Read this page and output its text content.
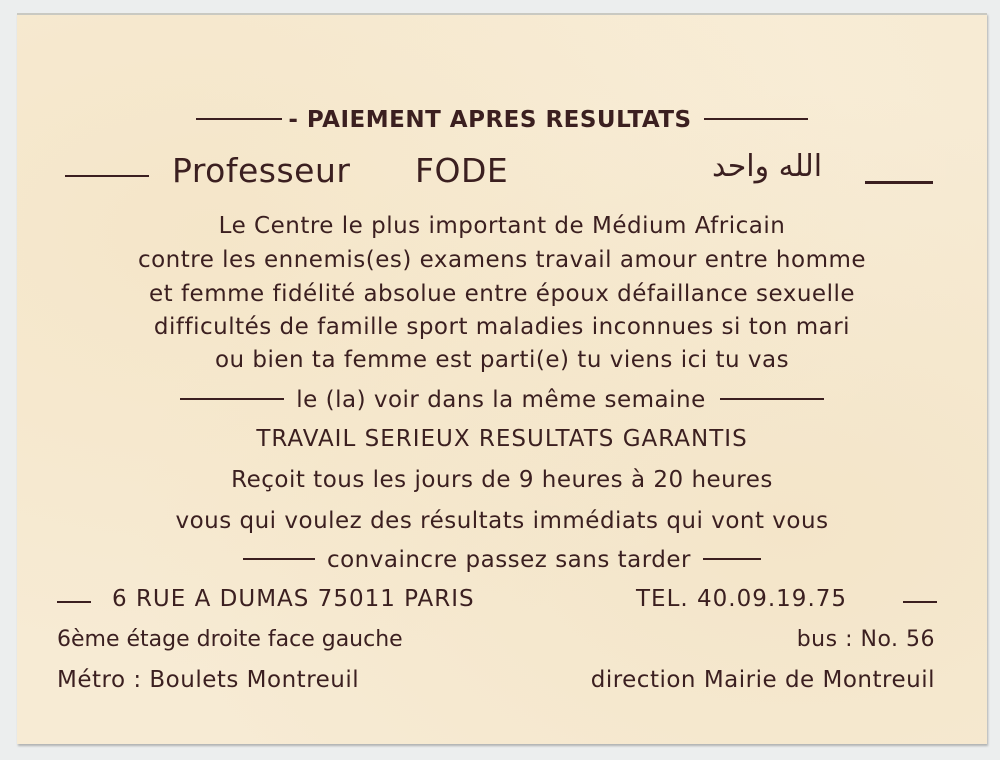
- PAIEMENT APRES RESULTATS
Professeur FODE	الله واحد
Le Centre le plus important de Médium Africain
contre les ennemis(es) examens travail amour entre homme
et femme fidélité absolue entre époux défaillance sexuelle
difficultés de famille sport maladies inconnues si ton mari
ou bien ta femme est parti(e) tu viens ici tu vas
le (la) voir dans la même semaine
TRAVAIL SERIEUX RESULTATS GARANTIS
Reçoit tous les jours de 9 heures à 20 heures
vous qui voulez des résultats immédiats qui vont vous
convaincre passez sans tarder
6 RUE A DUMAS 75011 PARIS	TEL. 40.09.19.75
6ème étage droite face gauche	bus : No. 56
Métro : Boulets Montreuil	direction Mairie de Montreuil
